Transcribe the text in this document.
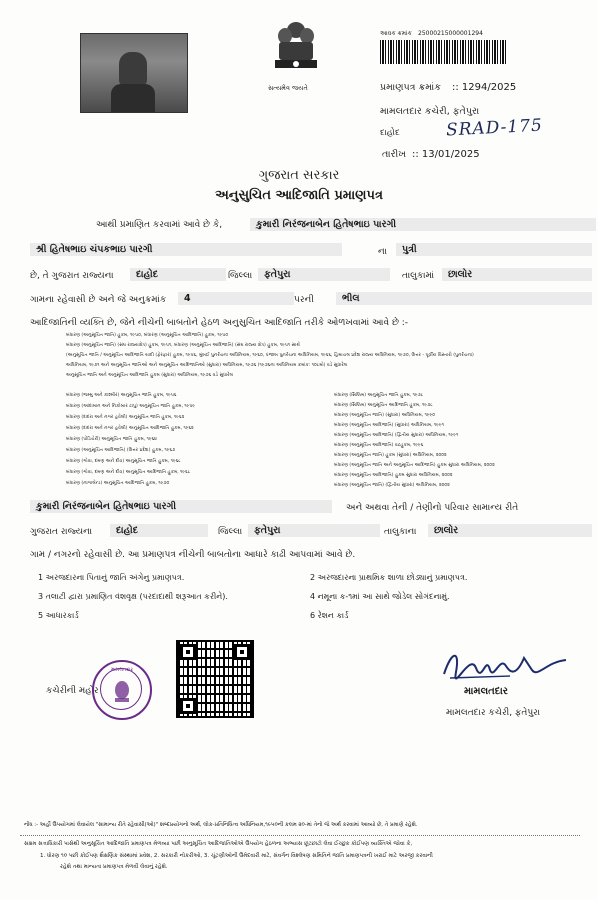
સત્યમેવ જયતે
આવક ક્રમાંક 25000215000001294
પ્રમાણપત્ર ક્રમાંક :: 1294/2025
મામલતદાર કચેરી, ફતેપુરા
દાહોદ	SRAD-175
તારીખ :: 13/01/2025
ગુજરાત સરકાર
અનુસુચિત આદિજાતિ પ્રમાણપત્ર
આથી પ્રમાણિત કરવામાં આવે છે કે,	કુમારી નિરંજનાબેન હિતેષભાઇ પારગી
શ્રી હિતેષભાઇ ચંપકભાઇ પારગી	ના	પુત્રી
છે, તે ગુજરાત રાજ્યના	દાહોદ	જિલ્લા	ફતેપુરા	તાલુકામાં	છાલોર
ગામના રહેવાસી છે અને જે અનુક્રમાંક	4	પરની	ભીલ
આદિજાતિની વ્યક્તિ છે, જેને નીચેની બાબતોને હેઠળ અનુસુચિત આદિજાતિ તરીકે ઓળખવામાં આવે છે :-
બંધારણ (અનુસૂચિત જાતિ) હુકમ, ૧૯૫૦, બંધારણ (અનુસૂચિત આદિજાતિ) હુકમ, ૧૯૫૦
બંધારણ (અનુસૂચિત જાતિ) (સંઘ રાજ્યક્ષેત્ર) હુકમ, ૧૯૫૧, બંધારણ (અનુસૂચિત આદિજાતિ) (સંઘ રાજ્ય ક્ષેત્ર) હુકમ, ૧૯૫૧ સાથે
(અનુસૂચિત જાતિ / અનુસૂચિત આદિજાતિ યાદી (ફેરફાર) હુકમ, ૧૯૫૬, મુંબઈ પુનર્રચના અધિનિયમ, ૧૯૬૦, પંજાબ પુનર્રચના અધિનિયમ, ૧૯૬૬, હિમાચલ પ્રદેશ રાજ્ય અધિનિયમ, ૧૯૭૦, ઉત્તર - પૂર્વીય વિસ્તારો (પુનર્રચના)
અધિનિયમ, ૧૯૭૧ અને અનુસૂચિત જાતિઓ અને અનુસૂચિત આદિજાતિઓ (સુધારા) અધિનિયમ, ૧૯૭૬ (૧૯૭૬ના અધિનિયમ ક્રમાંક: ૧૦૮મો) વડે સુધારેલ
અનુસૂચિત જાતિ અને અનુસૂચિત આદિજાતિ હુકમ (સુધારા) અધિનિયમ, ૧૯૭૬ વડે સુધારેલ
બંધારણ (જમ્મુ અને કાશ્મીર) અનુસૂચિત જાતિ હુકમ, ૧૯૫૬
બંધારણ (આંદામાન અને નિકોબાર ટાપુ) અનુસૂચિત જાતિ હુકમ, ૧૯૫૯
બંધારણ (દાદરા અને નગર હવેલી) અનુસૂચિત જાતિ હુકમ, ૧૯૬૨
બંધારણ (દાદરા અને નગર હવેલી) અનુસૂચિત આદિજાતિ હુકમ, ૧૯૬૨
બંધારણ (પોંડિચેરી) અનુસૂચિત જાતિ હુકમ, ૧૯૬૪
બંધારણ (અનુસૂચિત આદિજાતિ) (ઉત્તર પ્રદેશ) હુકમ, ૧૯૬૭
બંધારણ (ગોવા, દમણ અને દીવ) અનુસૂચિત જાતિ હુકમ, ૧૯૬૮
બંધારણ (ગોવા, દમણ અને દીવ) અનુસૂચિત આદિજાતિ હુકમ, ૧૯૬૮
બંધારણ (નાગાલેન્ડ) અનુસૂચિત આદિજાતિ હુકમ, ૧૯૭૦
બંધારણ (સિક્કિમ) અનુસૂચિત જાતિ હુકમ, ૧૯૭૮
બંધારણ (સિક્કિમ) અનુસૂચિત આદિજાતિ હુકમ, ૧૯૭૮
બંધારણ (અનુસૂચિત જાતિ) (સુધારા) અધિનિયમ, ૧૯૯૦
બંધારણ (અનુસૂચિત આદિજાતિ) (સુધારા) અધિનિયમ, ૧૯૯૧
બંધારણ (અનુસૂચિત આદિજાતિ) (દ્વિતીય સુધારા) અધિનિયમ, ૧૯૯૧
બંધારણ (અનુસૂચિત આદિજાતિ) વટહુકમ, ૧૯૯૬
બંધારણ (અનુસૂચિત જાતિ) હુકમ (સુધારા) અધિનિયમ, ૨૦૦૨
બંધારણ (અનુસૂચિત જાતિ અને અનુસૂચિત આદિજાતિ) હુકમ સુધારા અધિનિયમ, ૨૦૦૨
બંધારણ (અનુસૂચિત આદિજાતિ) હુકમ સુધારા અધિનિયમ, ૨૦૦૨
બંધારણ (અનુસૂચિત જાતિ) (દ્વિતીય સુધારા) અધિનિયમ, ૨૦૦૨
કુમારી નિરંજનાબેન હિતેષભાઇ પારગી	અને અથવા તેની / તેણીનો પરિવાર સામાન્ય રીતે
ગુજરાત રાજ્યના	દાહોદ	જિલ્લા	ફતેપુરા	તાલુકાના	છાલોર
ગામ / નગરનો રહેવાસી છે. આ પ્રમાણપત્ર નીચેની બાબતોના આધારે કાઢી આપવામાં આવે છે.
1 અરજદારના પિતાનું જાતિ અંગેનુ પ્રમાણપત્ર.	2 અરજદારના પ્રાથમિક શાળા છોડ્યાનું પ્રમાણપત્ર.
3 તલાટી દ્વારા પ્રમાણિત વંશવૃક્ષ (પરદાદાથી શરૂઆત કરીને).	4 નમૂના ક-૧માં આ સાથે જોડેલ સોગંદનામું.
5 આધારકાર્ડ	6 રેશન કાર્ડ
કચેરીની મહોર
મામલતદાર
મામલતદાર
મામલતદાર કચેરી, ફતેપુરા
નોંધ :- અહીં ઉપયોગમાં લેવાયેલ "સામાન્ય રીતે રહેવાસી(ઓ)" શબ્દપ્રયોગનો અર્થ, લોક-પ્રતિનિધિત્વ અધિનિયમ,૧૯૫૦ની કલમ ૨૦-માં તેનો જે અર્થ કરવામાં આવ્યો છે, તે પ્રમાણે રહેશે.
સક્ષમ સત્તાધિકારી પાસેથી અનુસૂચિત આદિજાતિ પ્રમાણપત્ર મેળવ્યા પછી અનુસૂચિત આદિજાતિઓએ ઉપયોગ હેઠળના અભ્યાસ છૂટછાટો લેવા ઈચ્છુક કોઈપણ વ્યક્તિએ જોવા કે,
1. ધોરણ ૧૦ પછી કોઈપણ શૈક્ષણિક સંસ્થામાં પ્રવેશ, 2. સરકારી નોકરીઓ, 3. ચૂંટણીઓની ઉમેદવારી માટે, સંવર્ગન વિશ્લેષણ સમિતિને જાતિ પ્રમાણપત્રની ખરાઈ માટે અરજી કરવાની
રહેશે તથા માન્યતા પ્રમાણપત્ર મેળવી લેવાનું રહેશે.
